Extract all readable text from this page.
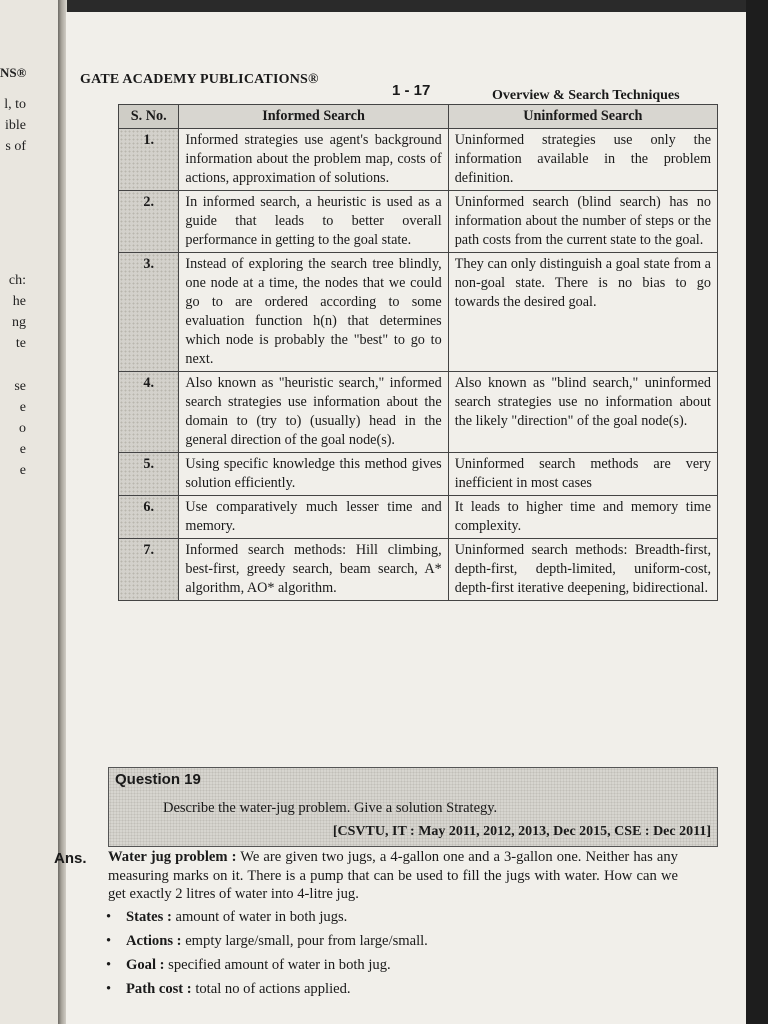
NS®
l, to
ible
s of
ch:
he
ng
te
se
e
o
e
e
GATE ACADEMY PUBLICATIONS®
1 - 17	Overview & Search Techniques
S. No.	Informed Search	Uninformed Search
1.	Informed strategies use agent's background information about the problem map, costs of actions, approximation of solutions.	Uninformed strategies use only the information available in the problem definition.
2.	In informed search, a heuristic is used as a guide that leads to better overall performance in getting to the goal state.	Uninformed search (blind search) has no information about the number of steps or the path costs from the current state to the goal.
3.	Instead of exploring the search tree blindly, one node at a time, the nodes that we could go to are ordered according to some evaluation function h(n) that determines which node is probably the "best" to go to next.	They can only distinguish a goal state from a non-goal state. There is no bias to go towards the desired goal.
4.	Also known as "heuristic search," informed search strategies use information about the domain to (try to) (usually) head in the general direction of the goal node(s).	Also known as "blind search," uninformed search strategies use no information about the likely "direction" of the goal node(s).
5.	Using specific knowledge this method gives solution efficiently.	Uninformed search methods are very inefficient in most cases
6.	Use comparatively much lesser time and memory.	It leads to higher time and memory time complexity.
7.	Informed search methods: Hill climbing, best-first, greedy search, beam search, A* algorithm, AO* algorithm.	Uninformed search methods: Breadth-first, depth-first, depth-limited, uniform-cost, depth-first iterative deepening, bidirectional.
Question 19
Describe the water-jug problem. Give a solution Strategy.
[CSVTU, IT : May 2011, 2012, 2013, Dec 2015, CSE : Dec 2011]
Ans. Water jug problem : We are given two jugs, a 4-gallon one and a 3-gallon one. Neither has any measuring marks on it. There is a pump that can be used to fill the jugs with water. How can we get exactly 2 litres of water into 4-litre jug.
• States : amount of water in both jugs.
• Actions : empty large/small, pour from large/small.
• Goal : specified amount of water in both jug.
• Path cost : total no of actions applied.
